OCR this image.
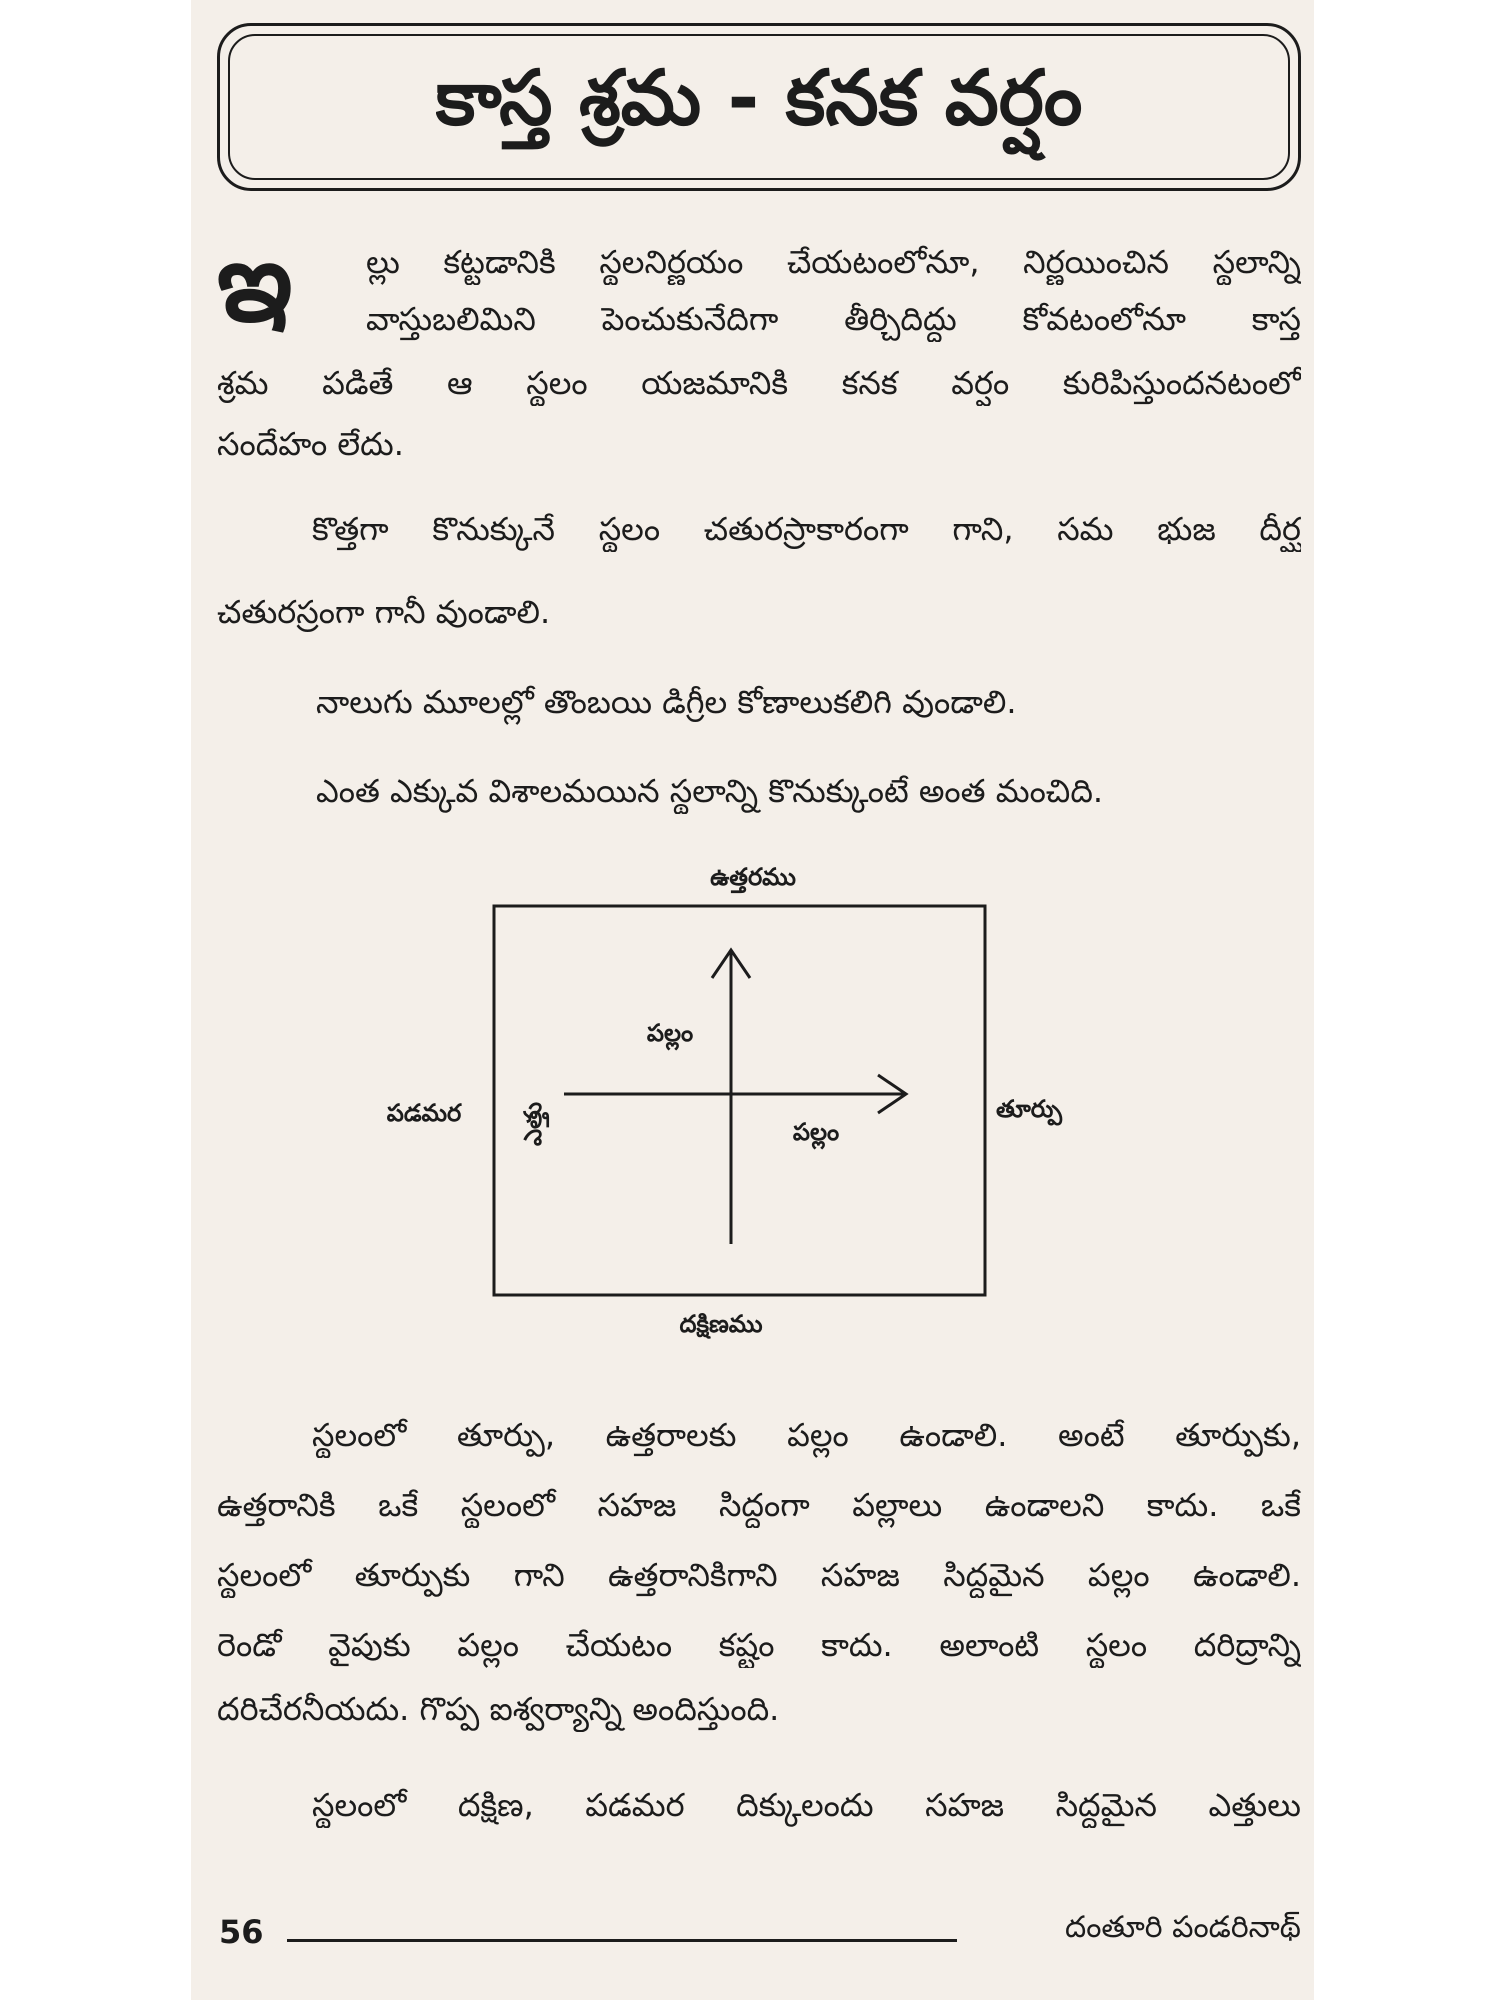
కాస్త శ్రమ - కనక వర్షం
ఇ	ల్లు కట్టడానికి స్థలనిర్ణయం చేయటంలోనూ, నిర్ణయించిన స్థలాన్ని
వాస్తుబలిమిని పెంచుకునేదిగా తీర్చిదిద్దు కోవటంలోనూ కాస్త
శ్రమ పడితే ఆ స్థలం యజమానికి కనక వర్షం కురిపిస్తుందనటంలో
సందేహం లేదు.
కొత్తగా కొనుక్కునే స్థలం చతురస్రాకారంగా గాని, సమ భుజ దీర్ఘ
చతురస్రంగా గానీ వుండాలి.
నాలుగు మూలల్లో తొంబయి డిగ్రీల కోణాలుకలిగి వుండాలి.
ఎంత ఎక్కువ విశాలమయిన స్థలాన్ని కొనుక్కుంటే అంత మంచిది.
ఉత్తరము
దక్షిణము
పడమర	తూర్పు
పల్లం
పల్లం
ఎత్తు
స్థలంలో తూర్పు, ఉత్తరాలకు పల్లం ఉండాలి. అంటే తూర్పుకు,
ఉత్తరానికి ఒకే స్థలంలో సహజ సిద్ధంగా పల్లాలు ఉండాలని కాదు. ఒకే
స్థలంలో తూర్పుకు గాని ఉత్తరానికిగాని సహజ సిద్ధమైన పల్లం ఉండాలి.
రెండో వైపుకు పల్లం చేయటం కష్టం కాదు. అలాంటి స్థలం దరిద్రాన్ని
దరిచేరనీయదు. గొప్ప ఐశ్వర్యాన్ని అందిస్తుంది.
స్థలంలో దక్షిణ, పడమర దిక్కులందు సహజ సిద్ధమైన ఎత్తులు
56	దంతూరి పండరినాథ్
